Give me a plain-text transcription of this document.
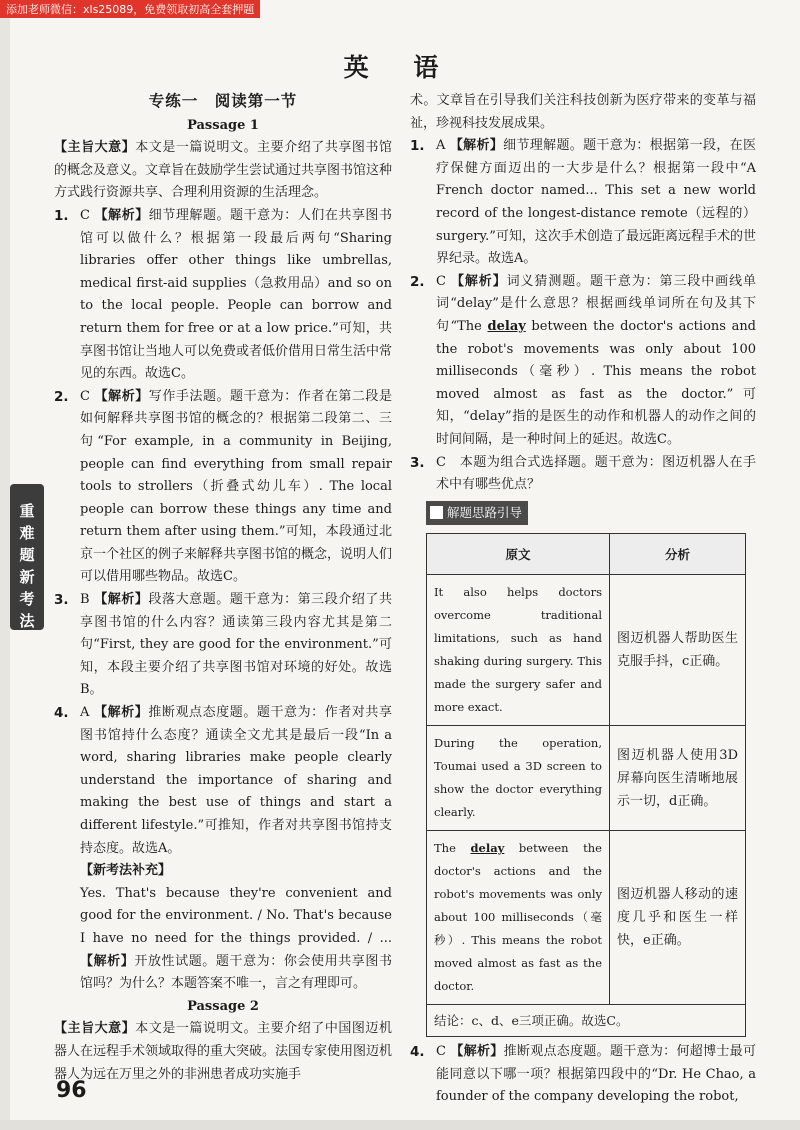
添加老师微信：xls25089，免费领取初高全套押题
英 语
专练一　阅读第一节
Passage 1

【主旨大意】本文是一篇说明文。主要介绍了共享图书馆的概念及意义。文章旨在鼓励学生尝试通过共享图书馆这种方式践行资源共享、合理利用资源的生活理念。

1. C 【解析】细节理解题。题干意为：人们在共享图书馆可以做什么？根据第一段最后两句“Sharing libraries offer other things like umbrellas, medical first-aid supplies（急救用品）and so on to the local people. People can borrow and return them for free or at a low price.”可知，共享图书馆让当地人可以免费或者低价借用日常生活中常见的东西。故选C。

2. C 【解析】写作手法题。题干意为：作者在第二段是如何解释共享图书馆的概念的？根据第二段第二、三句“For example, in a community in Beijing, people can find everything from small repair tools to strollers（折叠式幼儿车）. The local people can borrow these things any time and return them after using them.”可知，本段通过北京一个社区的例子来解释共享图书馆的概念，说明人们可以借用哪些物品。故选C。

3. B 【解析】段落大意题。题干意为：第三段介绍了共享图书馆的什么内容？通读第三段内容尤其是第二句“First, they are good for the environment.”可知，本段主要介绍了共享图书馆对环境的好处。故选B。

4. A 【解析】推断观点态度题。题干意为：作者对共享图书馆持什么态度？通读全文尤其是最后一段“In a word, sharing libraries make people clearly understand the importance of sharing and making the best use of things and start a different lifestyle.”可推知，作者对共享图书馆持支持态度。故选A。

【新考法补充】

Yes. That's because they're convenient and good for the environment. / No. That's because I have no need for the things provided. / ... 【解析】开放性试题。题干意为：你会使用共享图书馆吗？为什么？本题答案不唯一，言之有理即可。

Passage 2

【主旨大意】本文是一篇说明文。主要介绍了中国图迈机器人在远程手术领域取得的重大突破。法国专家使用图迈机器人为远在万里之外的非洲患者成功实施手

术。文章旨在引导我们关注科技创新为医疗带来的变革与福祉，珍视科技发展成果。

1. A 【解析】细节理解题。题干意为：根据第一段，在医疗保健方面迈出的一大步是什么？根据第一段中“A French doctor named... This set a new world record of the longest-distance remote（远程的）surgery.”可知，这次手术创造了最远距离远程手术的世界纪录。故选A。

2. C 【解析】词义猜测题。题干意为：第三段中画线单词“delay”是什么意思？根据画线单词所在句及其下句“The delay between the doctor's actions and the robot's movements was only about 100 milliseconds（毫秒）. This means the robot moved almost as fast as the doctor.”可知，“delay”指的是医生的动作和机器人的动作之间的时间间隔，是一种时间上的延迟。故选C。

3. C　本题为组合式选择题。题干意为：图迈机器人在手术中有哪些优点？

解题思路引导
原文	分析
It also helps doctors overcome traditional limitations, such as hand shaking during surgery. This made the surgery safer and more exact.	图迈机器人帮助医生克服手抖，c正确。
During the operation, Toumai used a 3D screen to show the doctor everything clearly.	图迈机器人使用3D屏幕向医生清晰地展示一切，d正确。
The delay between the doctor's actions and the robot's movements was only about 100 milliseconds（毫秒）. This means the robot moved almost as fast as the doctor.	图迈机器人移动的速度几乎和医生一样快，e正确。
结论：c、d、e三项正确。故选C。	
4. C 【解析】推断观点态度题。题干意为：何超博士最可能同意以下哪一项？根据第四段中的“Dr. He Chao, a founder of the company developing the robot,

重
难
题
新
考
法
96
